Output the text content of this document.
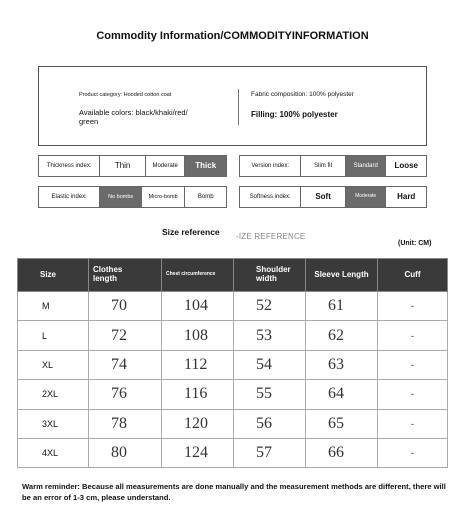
Commodity Information/COMMODITYINFORMATION
Product category: Hooded cotton coat
Available colors: black/khaki/red/
green
Fabric composition: 100% polyester
Filling: 100% polyester
Thickness index:	Thin	Moderate	Thick	Version index:	Slim fit	Standard	Loose
Elastic index:	No bombs	Micro-bomb	Bomb	Softness index:	Soft	Moderate	Hard
Size reference -IZE REFERENCE
(Unit: CM)
Size	Clothes length	Chest circumference	Shoulder width	Sleeve Length	Cuff
M	70	104	52	61	-
L	72	108	53	62	-
XL	74	112	54	63	-
2XL	76	116	55	64	-
3XL	78	120	56	65	-
4XL	80	124	57	66	-
Warm reminder: Because all measurements are done manually and the measurement methods are different, there will be an error of 1-3 cm, please understand.
